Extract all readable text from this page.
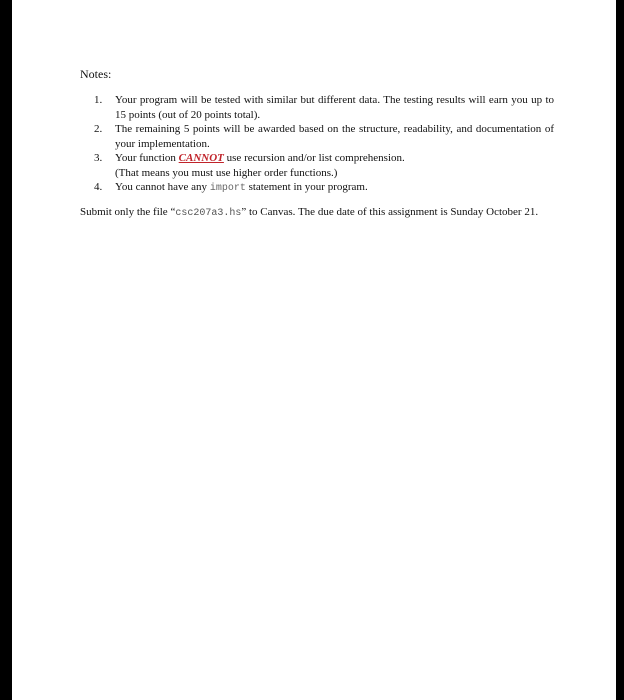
Notes:
1. Your program will be tested with similar but different data. The testing results will earn you up to 15 points (out of 20 points total).
2. The remaining 5 points will be awarded based on the structure, readability, and documentation of your implementation.
3. Your function CANNOT use recursion and/or list comprehension.
(That means you must use higher order functions.)
4. You cannot have any import statement in your program.

Submit only the file “csc207a3.hs” to Canvas. The due date of this assignment is Sunday October 21.
